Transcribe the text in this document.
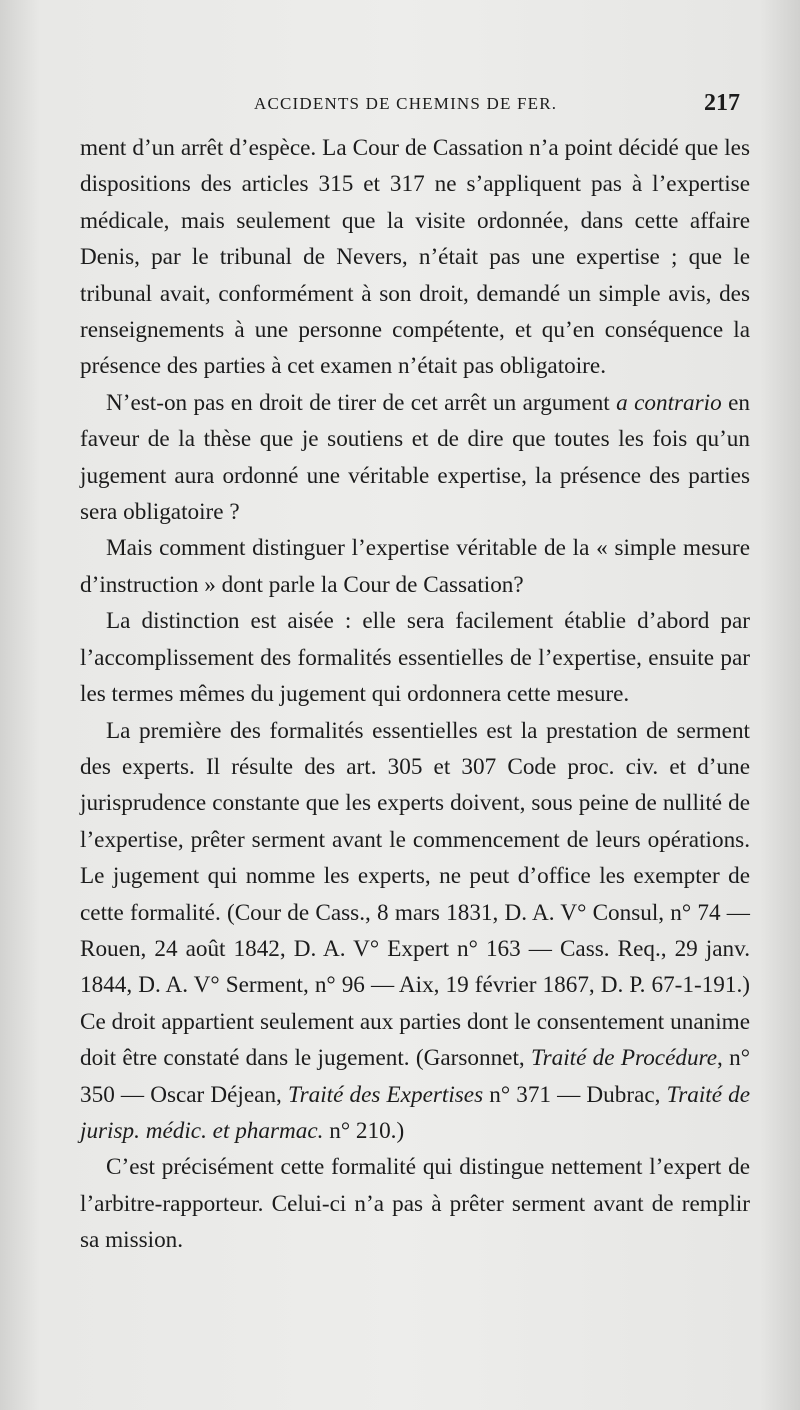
ACCIDENTS DE CHEMINS DE FER.	217

ment d’un arrêt d’espèce. La Cour de Cassation n’a point décidé que les dispositions des articles 315 et 317 ne s’appliquent pas à l’expertise médicale, mais seulement que la visite ordonnée, dans cette affaire Denis, par le tribunal de Nevers, n’était pas une expertise ; que le tribunal avait, conformément à son droit, demandé un simple avis, des renseignements à une personne compétente, et qu’en conséquence la présence des parties à cet examen n’était pas obligatoire.

N’est-on pas en droit de tirer de cet arrêt un argument a contrario en faveur de la thèse que je soutiens et de dire que toutes les fois qu’un jugement aura ordonné une véritable expertise, la présence des parties sera obligatoire ?

Mais comment distinguer l’expertise véritable de la « simple mesure d’instruction » dont parle la Cour de Cassation?

La distinction est aisée : elle sera facilement établie d’abord par l’accomplissement des formalités essentielles de l’expertise, ensuite par les termes mêmes du jugement qui ordonnera cette mesure.

La première des formalités essentielles est la prestation de serment des experts. Il résulte des art. 305 et 307 Code proc. civ. et d’une jurisprudence constante que les experts doivent, sous peine de nullité de l’expertise, prêter serment avant le commencement de leurs opérations. Le jugement qui nomme les experts, ne peut d’office les exempter de cette formalité. (Cour de Cass., 8 mars 1831, D. A. V° Consul, n° 74 — Rouen, 24 août 1842, D. A. V° Expert n° 163 — Cass. Req., 29 janv. 1844, D. A. V° Serment, n° 96 — Aix, 19 février 1867, D. P. 67-1-191.) Ce droit appartient seulement aux parties dont le consentement unanime doit être constaté dans le jugement. (Garsonnet, Traité de Procédure, n° 350 — Oscar Déjean, Traité des Expertises n° 371 — Dubrac, Traité de jurisp. médic. et pharmac. n° 210.)

C’est précisément cette formalité qui distingue nettement l’expert de l’arbitre-rapporteur. Celui-ci n’a pas à prêter serment avant de remplir sa mission.
